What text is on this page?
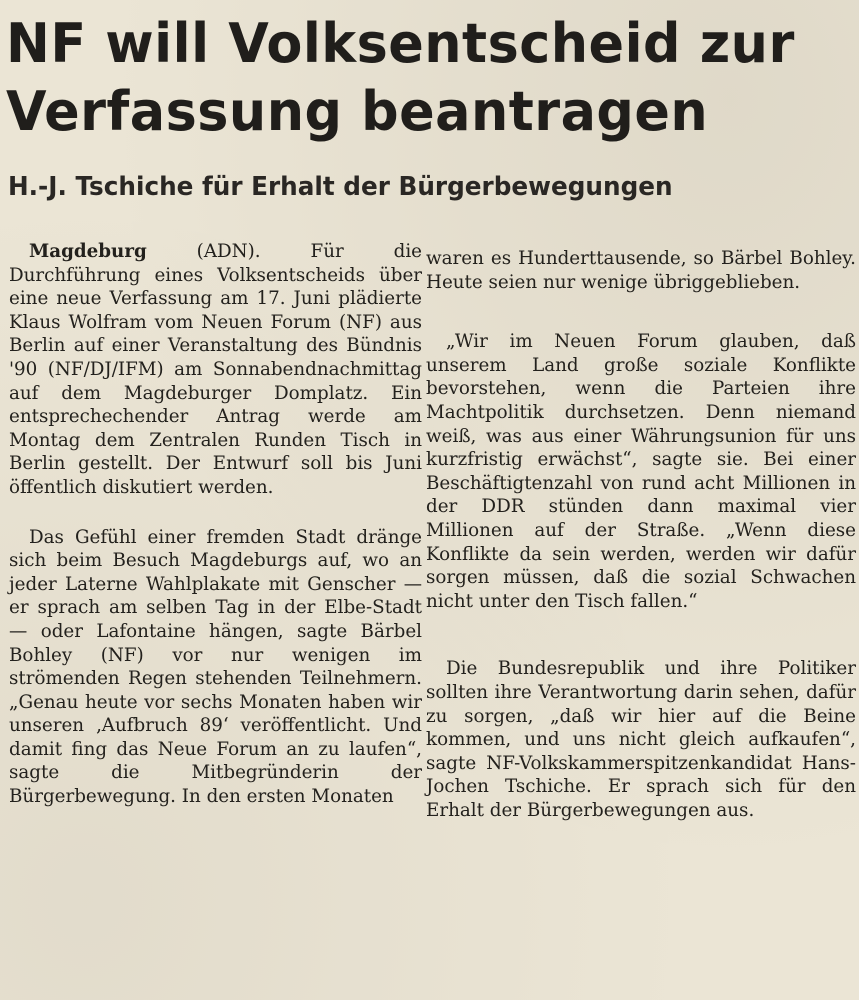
NF will Volksentscheid zur
Verfassung beantragen
H.-J. Tschiche für Erhalt der Bürgerbewegungen

Magdeburg (ADN). Für die Durchführung eines Volksentscheids über eine neue Verfassung am 17. Juni plädierte Klaus Wolfram vom Neuen Forum (NF) aus Berlin auf einer Veranstaltung des Bündnis '90 (NF/DJ/IFM) am Sonnabendnachmittag auf dem Magdeburger Domplatz. Ein entsprechechender Antrag werde am Montag dem Zentralen Runden Tisch in Berlin gestellt. Der Entwurf soll bis Juni öffentlich diskutiert werden.

Das Gefühl einer fremden Stadt dränge sich beim Besuch Magdeburgs auf, wo an jeder Laterne Wahlplakate mit Genscher — er sprach am selben Tag in der Elbe-Stadt — oder Lafontaine hängen, sagte Bärbel Bohley (NF) vor nur wenigen im strömenden Regen stehenden Teilnehmern. „Genau heute vor sechs Monaten haben wir unseren ‚Aufbruch 89‘ veröffentlicht. Und damit fing das Neue Forum an zu laufen“, sagte die Mitbegründerin der Bürgerbewegung. In den ersten Monaten

waren es Hunderttausende, so Bärbel Bohley. Heute seien nur wenige übriggeblieben.

„Wir im Neuen Forum glauben, daß unserem Land große soziale Konflikte bevorstehen, wenn die Parteien ihre Machtpolitik durchsetzen. Denn niemand weiß, was aus einer Währungsunion für uns kurzfristig erwächst“, sagte sie. Bei einer Beschäftigtenzahl von rund acht Millionen in der DDR stünden dann maximal vier Millionen auf der Straße. „Wenn diese Konflikte da sein werden, werden wir dafür sorgen müssen, daß die sozial Schwachen nicht unter den Tisch fallen.“

Die Bundesrepublik und ihre Politiker sollten ihre Verantwortung darin sehen, dafür zu sorgen, „daß wir hier auf die Beine kommen, und uns nicht gleich aufkaufen“, sagte NF-Volkskammerspitzenkandidat Hans-Jochen Tschiche. Er sprach sich für den Erhalt der Bürgerbewegungen aus.
